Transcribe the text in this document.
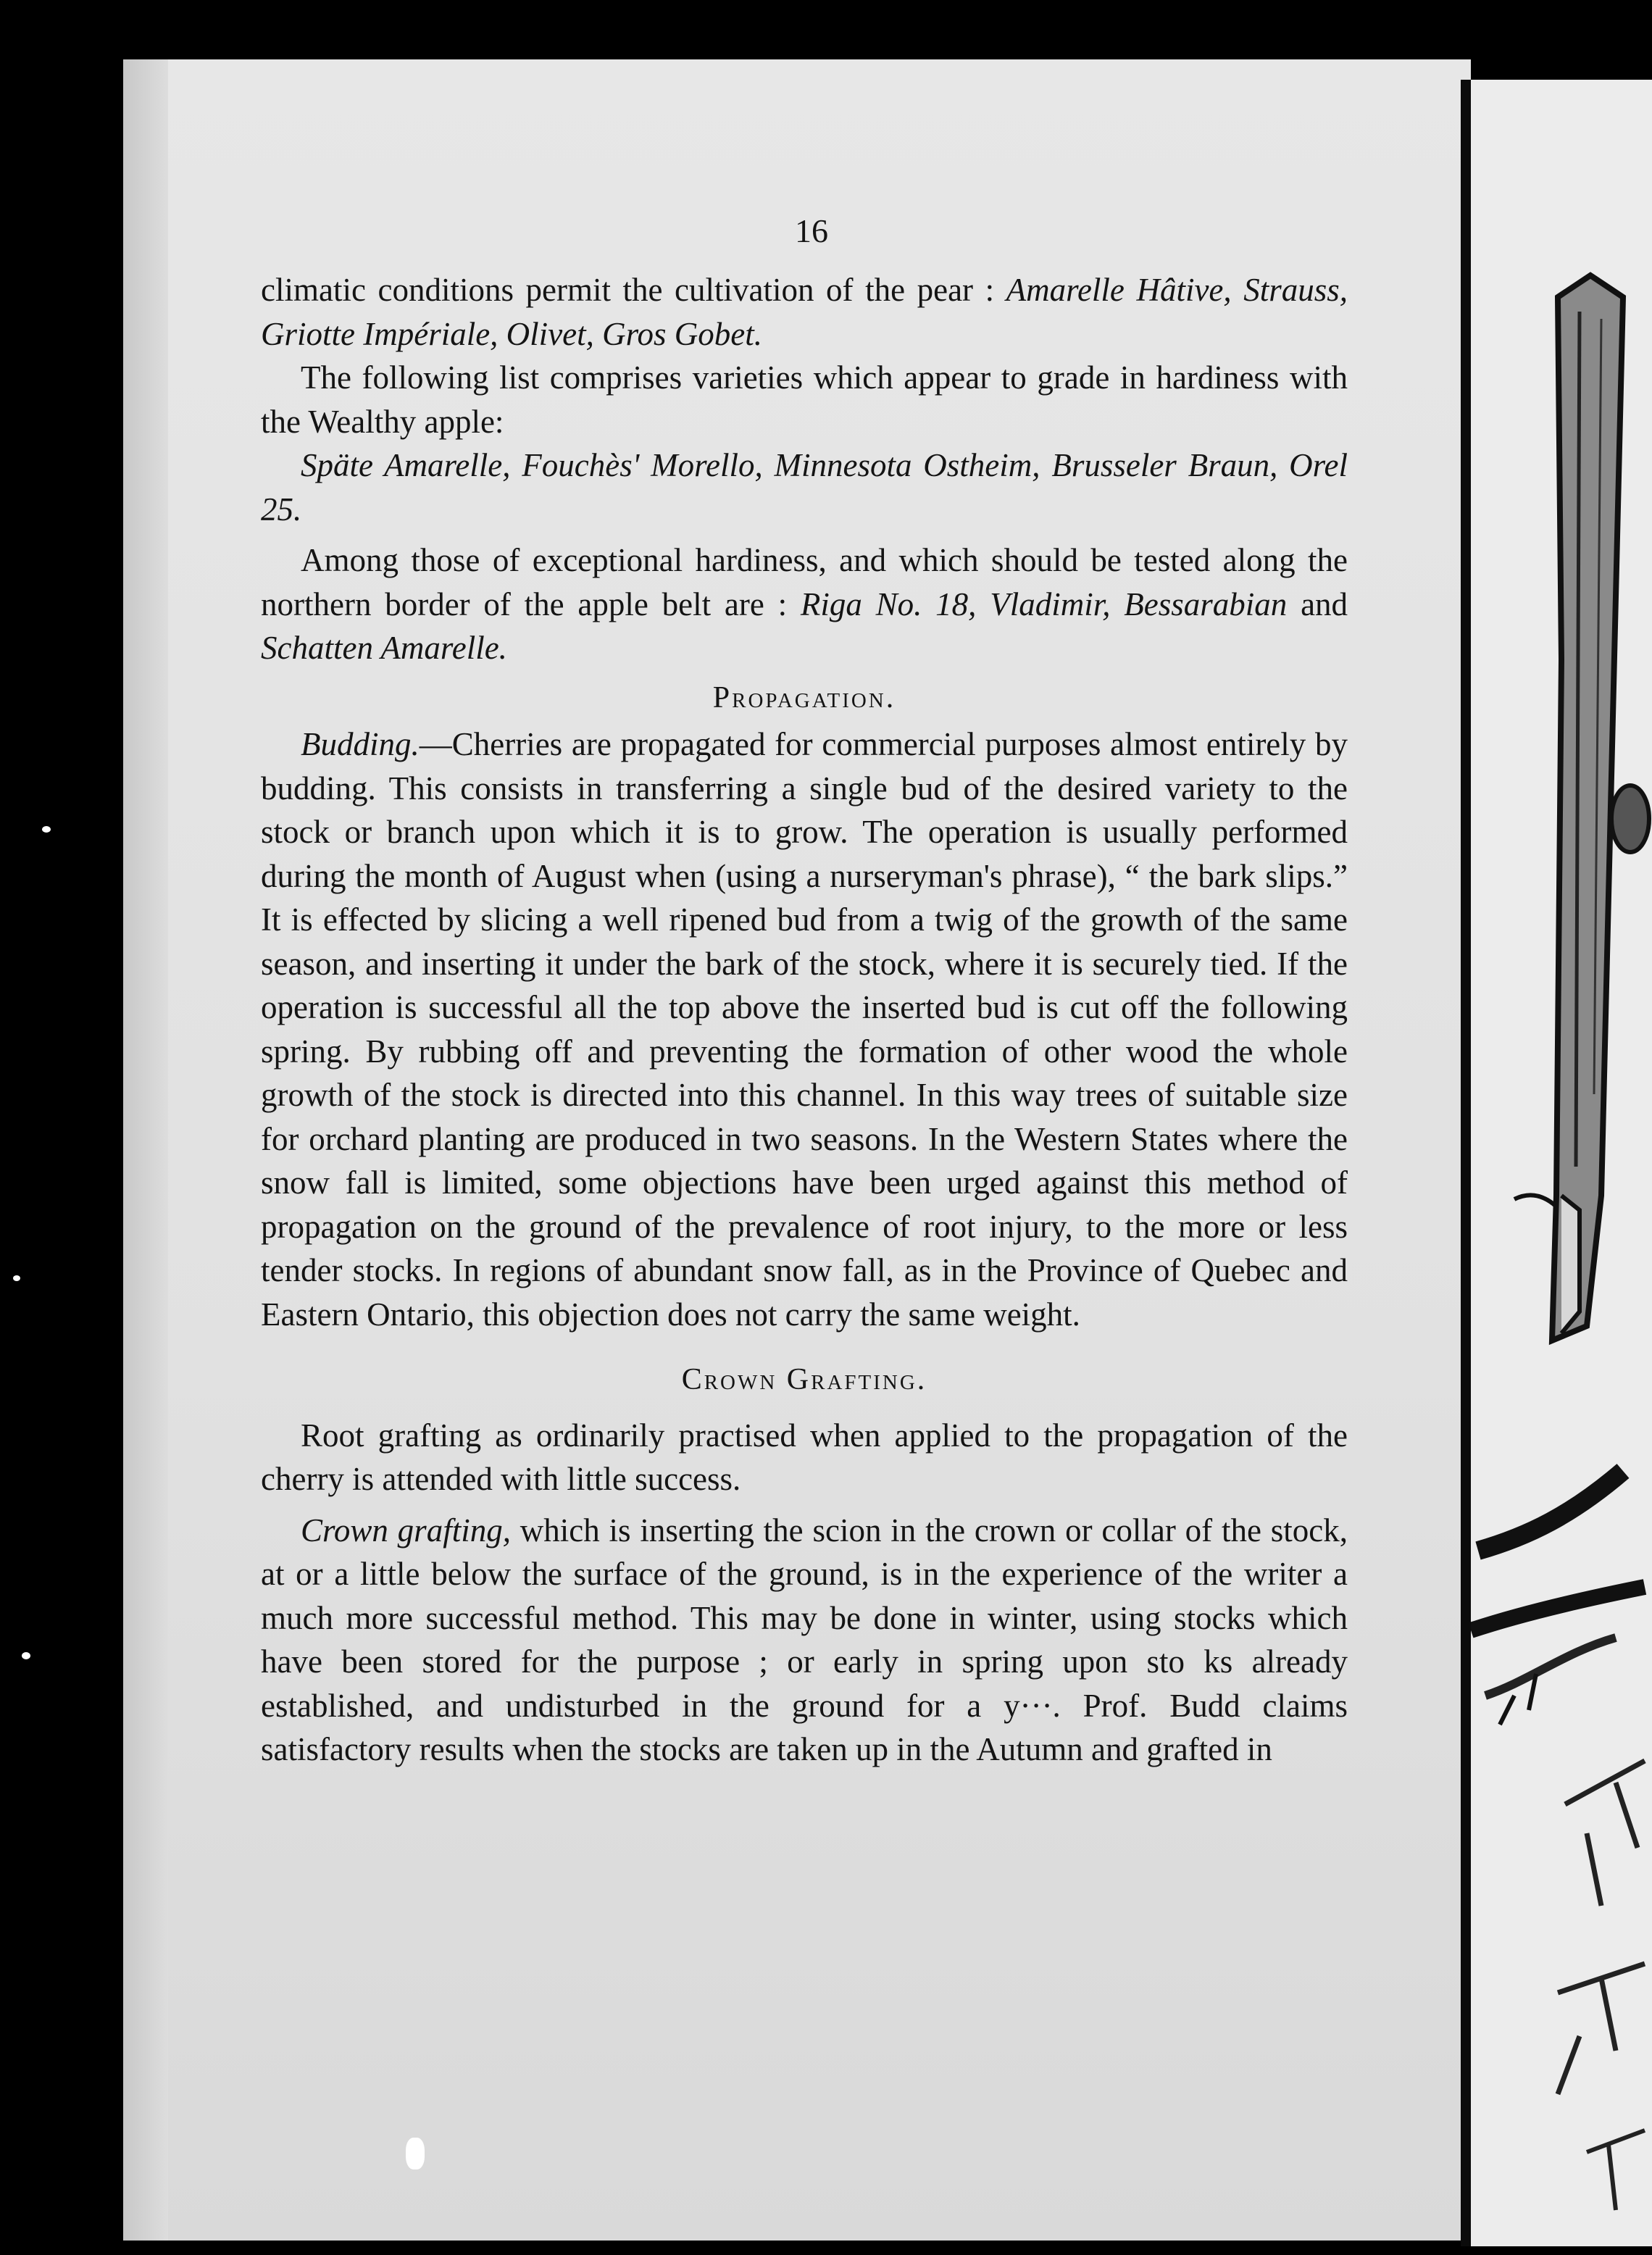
16

climatic conditions permit the cultivation of the pear : Amarelle Hâtive, Strauss, Griotte Impériale, Olivet, Gros Gobet.

The following list comprises varieties which appear to grade in hardiness with the Wealthy apple:

Späte Amarelle, Fouchès' Morello, Minnesota Ostheim, Brusseler Braun, Orel 25.

Among those of exceptional hardiness, and which should be tested along the northern border of the apple belt are : Riga No. 18, Vladimir, Bessarabian and Schatten Amarelle.

Propagation.

Budding.—Cherries are propagated for commercial purposes almost entirely by budding. This consists in transferring a single bud of the desired variety to the stock or branch upon which it is to grow. The operation is usually performed during the month of August when (using a nurseryman's phrase), “ the bark slips.” It is effected by slicing a well ripened bud from a twig of the growth of the same season, and inserting it under the bark of the stock, where it is securely tied. If the operation is successful all the top above the inserted bud is cut off the following spring. By rubbing off and preventing the formation of other wood the whole growth of the stock is directed into this channel. In this way trees of suitable size for orchard planting are produced in two seasons. In the Western States where the snow fall is limited, some objections have been urged against this method of propagation on the ground of the prevalence of root injury, to the more or less tender stocks. In regions of abundant snow fall, as in the Province of Quebec and Eastern Ontario, this objection does not carry the same weight.

Crown Grafting.

Root grafting as ordinarily practised when applied to the propagation of the cherry is attended with little success.

Crown grafting, which is inserting the scion in the crown or collar of the stock, at or a little below the surface of the ground, is in the experience of the writer a much more successful method. This may be done in winter, using stocks which have been stored for the purpose ; or early in spring upon sto ks already established, and undisturbed in the ground for a y···. Prof. Budd claims satisfactory results when the stocks are taken up in the Autumn and grafted in
